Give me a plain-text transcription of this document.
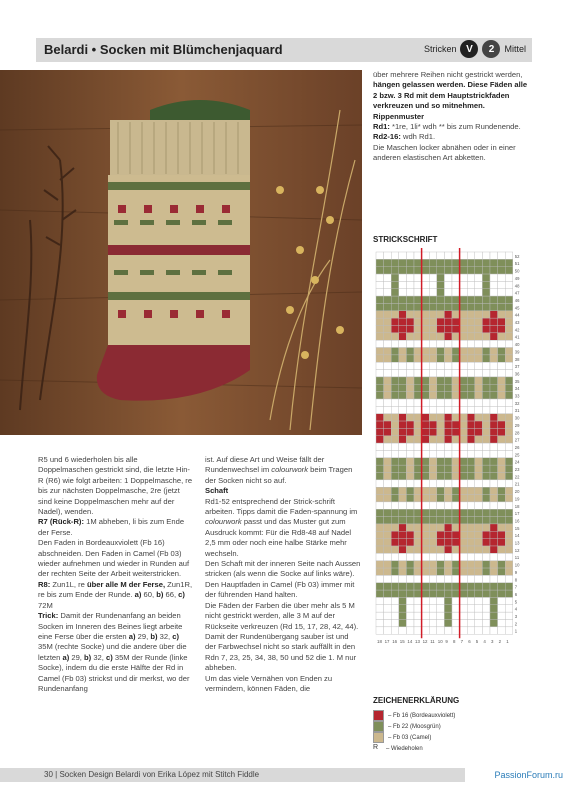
Belardi • Socken mit Blümchenjaquard	Stricken V	2	Mittel

R5 und 6 wiederholen bis alle Doppelmaschen gestrickt sind, die letzte Hin-R (R6) wie folgt arbeiten: 1 Doppelmasche, re bis zur nächsten Doppelmasche, 2re (jetzt sind keine Doppelmaschen mehr auf der Nadel), wenden.

R7 (Rück-R): 1M abheben, li bis zum Ende der Ferse.

Den Faden in Bordeauxviolett (Fb 16) abschneiden. Den Faden in Camel (Fb 03) wieder aufnehmen und wieder in Runden auf der rechten Seite der Arbeit weiterstricken.

R8: Zun1L, re über alle M der Ferse, Zun1R, re bis zum Ende der Runde. a) 60, b) 66, c) 72M

Trick: Damit der Rundenanfang an beiden Socken im Inneren des Beines liegt arbeite eine Ferse über die ersten a) 29, b) 32, c) 35M (rechte Socke) und die andere über die letzten a) 29, b) 32, c) 35M der Runde (linke Socke), indem du die erste Hälfte der Rd in Camel (Fb 03) strickst und dir merkst, wo der Rundenanfang

ist. Auf diese Art und Weise fällt der Rundenwechsel im colourwork beim Tragen der Socken nicht so auf.

Schaft

Rd1-52 entsprechend der Strick-schrift arbeiten. Tipps damit die Faden-spannung im colourwork passt und das Muster gut zum Ausdruck kommt: Für die Rd8-48 auf Nadel 2,5 mm oder noch eine halbe Stärke mehr wechseln.

Den Schaft mit der inneren Seite nach Aussen stricken (als wenn die Socke auf links wäre).

Den Hauptfaden in Camel (Fb 03) immer mit der führenden Hand halten.

Die Fäden der Farben die über mehr als 5 M nicht gestrickt werden, alle 3 M auf der Rückseite verkreuzen (Rd 15, 17, 28, 42, 44).

Damit der Rundenübergang sauber ist und der Farbwechsel nicht so stark auffällt in den Rdn 7, 23, 25, 34, 38, 50 und 52 die 1. M nur abheben.

Um das viele Vernähen von Enden zu vermindern, können Fäden, die

über mehrere Reihen nicht gestrickt werden, hängen gelassen werden. Diese Fäden alle 2 bzw. 3 Rd mit dem Hauptstrickfaden verkreuzen und so mitnehmen.

Rippenmuster

Rd1: *1re, 1li* wdh ** bis zum Rundenende.

Rd2-16: wdh Rd1.

Die Maschen locker abnähen oder in einer anderen elastischen Art abketten.

STRICKSCHRIFT
52
51
50
49
48
47
46
45
44
43
42
41
40
39
38
37
36
35
34
33
32
31
30
29
28
27
26
25
24
23
22
21
20
19
18
17
16
15
14
13
12
11
10
9
8
7
6
5
4
3
2
1
18 17 16 15 14 13 12 11 10 9 8 7 6 5 4 3 2 1
ZEICHENERKLÄRUNG
– Fb 16 (Bordeauxviolett)
– Fb 22 (Moosgrün)
– Fb 03 (Camel)
R	– Wiedeholen
30 | Socken Design Belardi von Erika López mit Stitch Fiddle	PassionForum.ru
